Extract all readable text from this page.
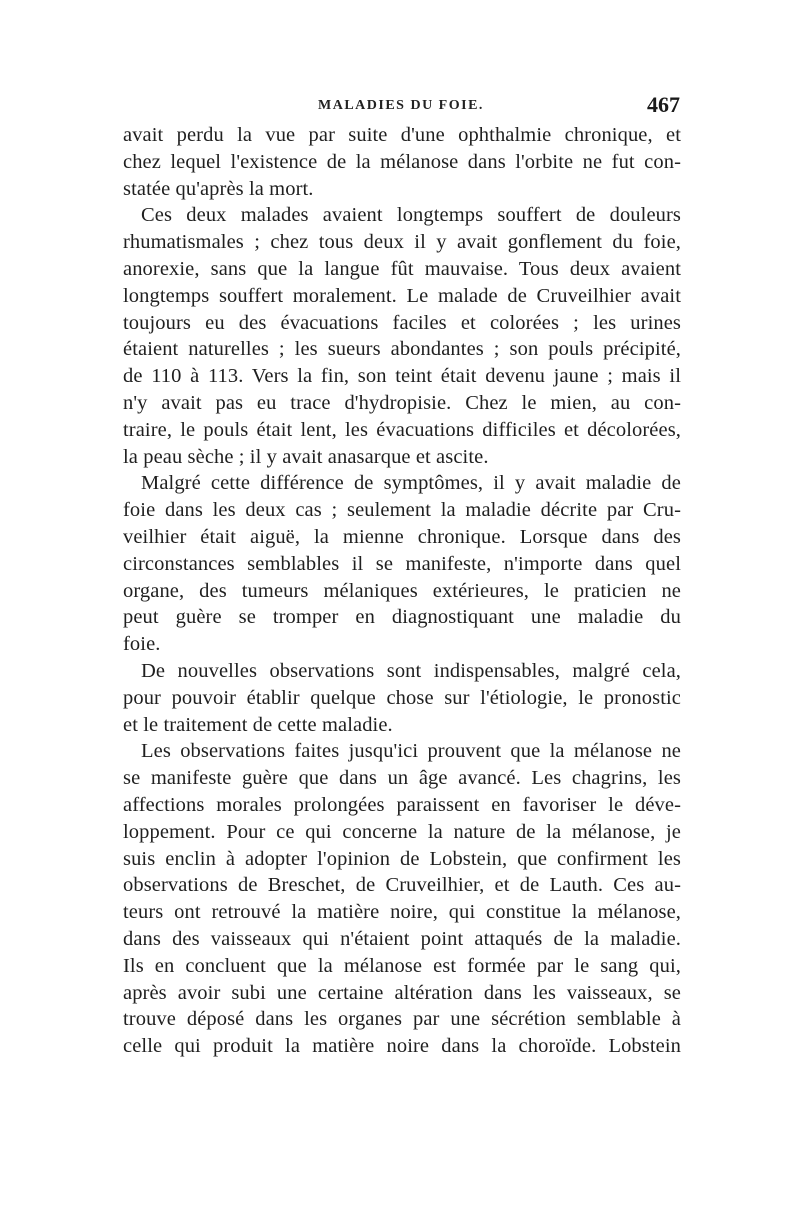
MALADIES DU FOIE.	467
avait perdu la vue par suite d'une ophthalmie chronique, et
chez lequel l'existence de la mélanose dans l'orbite ne fut con-
statée qu'après la mort.
Ces deux malades avaient longtemps souffert de douleurs
rhumatismales ; chez tous deux il y avait gonflement du foie,
anorexie, sans que la langue fût mauvaise. Tous deux avaient
longtemps souffert moralement. Le malade de Cruveilhier avait
toujours eu des évacuations faciles et colorées ; les urines
étaient naturelles ; les sueurs abondantes ; son pouls précipité,
de 110 à 113. Vers la fin, son teint était devenu jaune ; mais il
n'y avait pas eu trace d'hydropisie. Chez le mien, au con-
traire, le pouls était lent, les évacuations difficiles et décolorées,
la peau sèche ; il y avait anasarque et ascite.
Malgré cette différence de symptômes, il y avait maladie de
foie dans les deux cas ; seulement la maladie décrite par Cru-
veilhier était aiguë, la mienne chronique. Lorsque dans des
circonstances semblables il se manifeste, n'importe dans quel
organe, des tumeurs mélaniques extérieures, le praticien ne
peut guère se tromper en diagnostiquant une maladie du
foie.
De nouvelles observations sont indispensables, malgré cela,
pour pouvoir établir quelque chose sur l'étiologie, le pronostic
et le traitement de cette maladie.
Les observations faites jusqu'ici prouvent que la mélanose ne
se manifeste guère que dans un âge avancé. Les chagrins, les
affections morales prolongées paraissent en favoriser le déve-
loppement. Pour ce qui concerne la nature de la mélanose, je
suis enclin à adopter l'opinion de Lobstein, que confirment les
observations de Breschet, de Cruveilhier, et de Lauth. Ces au-
teurs ont retrouvé la matière noire, qui constitue la mélanose,
dans des vaisseaux qui n'étaient point attaqués de la maladie.
Ils en concluent que la mélanose est formée par le sang qui,
après avoir subi une certaine altération dans les vaisseaux, se
trouve déposé dans les organes par une sécrétion semblable à
celle qui produit la matière noire dans la choroïde. Lobstein
